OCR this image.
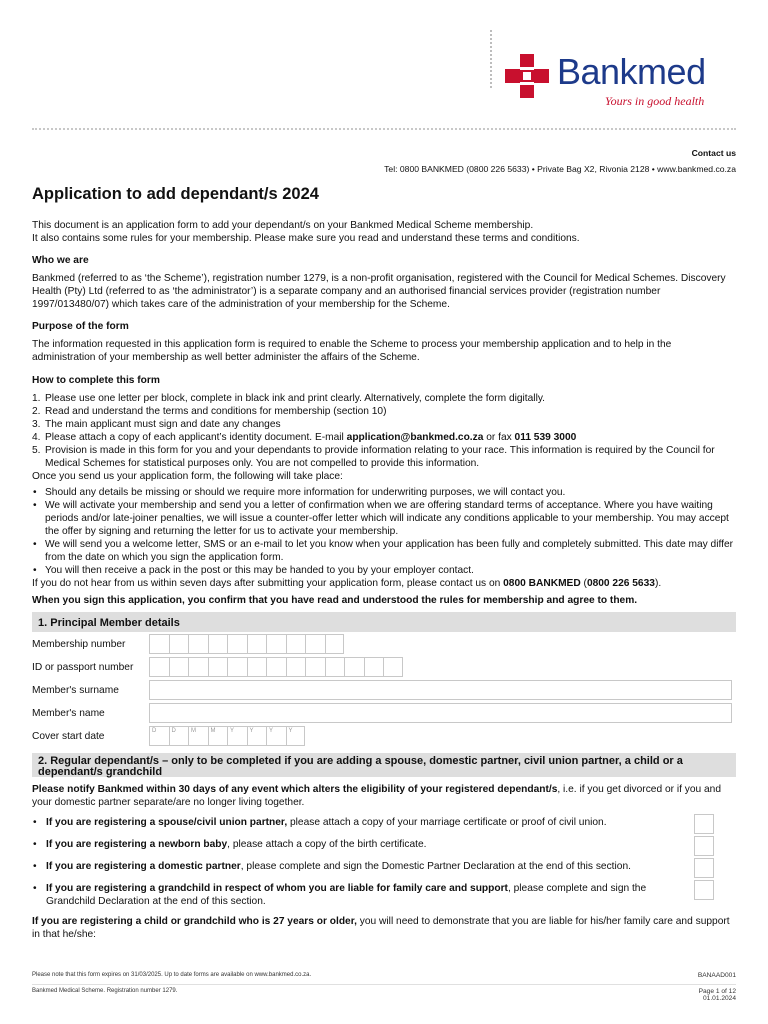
Bankmed
Yours in good health
Contact us
Tel: 0800 BANKMED (0800 226 5633) • Private Bag X2, Rivonia 2128 • www.bankmed.co.za
Application to add dependant/s 2024

This document is an application form to add your dependant/s on your Bankmed Medical Scheme membership.

It also contains some rules for your membership. Please make sure you read and understand these terms and conditions.

Who we are

Bankmed (referred to as ‘the Scheme’), registration number 1279, is a non-profit organisation, registered with the Council for Medical Schemes. Discovery Health (Pty) Ltd (referred to as ‘the administrator’) is a separate company and an authorised financial services provider (registration number 1997/013480/07) which takes care of the administration of your membership for the Scheme.

Purpose of the form

The information requested in this application form is required to enable the Scheme to process your membership application and to help in the administration of your membership as well better administer the affairs of the Scheme.

How to complete this form
1. Please use one letter per block, complete in black ink and print clearly. Alternatively, complete the form digitally.
2. Read and understand the terms and conditions for membership (section 10)
3. The main applicant must sign and date any changes
4. Please attach a copy of each applicant’s identity document. E-mail application@bankmed.co.za or fax 011 539 3000
5. Provision is made in this form for you and your dependants to provide information relating to your race. This information is required by the Council for Medical Schemes for statistical purposes only. You are not compelled to provide this information.

Once you send us your application form, the following will take place:

• Should any details be missing or should we require more information for underwriting purposes, we will contact you.
• We will activate your membership and send you a letter of confirmation when we are offering standard terms of acceptance. Where you have waiting periods and/or late-joiner penalties, we will issue a counter-offer letter which will indicate any conditions applicable to your membership. You may accept the offer by signing and returning the letter for us to activate your membership.
• We will send you a welcome letter, SMS or an e-mail to let you know when your application has been fully and completely submitted. This date may differ from the date on which you sign the application form.
• You will then receive a pack in the post or this may be handed to you by your employer contact.

If you do not hear from us within seven days after submitting your application form, please contact us on 0800 BANKMED (0800 226 5633).

When you sign this application, you confirm that you have read and understood the rules for membership and agree to them.

1. Principal Member details
Membership number
ID or passport number
Member's surname
Member's name
Cover start date	D	D	M	M	Y	Y	Y	Y
2. Regular dependant/s – only to be completed if you are adding a spouse, domestic partner, civil union partner, a child or a dependant/s grandchild

Please notify Bankmed within 30 days of any event which alters the eligibility of your registered dependant/s, i.e. if you get divorced or if you and your domestic partner separate/are no longer living together.

• If you are registering a spouse/civil union partner, please attach a copy of your marriage certificate or proof of civil union.
• If you are registering a newborn baby, please attach a copy of the birth certificate.
• If you are registering a domestic partner, please complete and sign the Domestic Partner Declaration at the end of this section.
• If you are registering a grandchild in respect of whom you are liable for family care and support, please complete and sign the Grandchild Declaration at the end of this section.

If you are registering a child or grandchild who is 27 years or older, you will need to demonstrate that you are liable for his/her family care and support in that he/she:

Please note that this form expires on 31/03/2025. Up to date forms are available on www.bankmed.co.za.	BANAAD001
Bankmed Medical Scheme. Registration number 1279.	Page 1 of 12
01.01.2024
